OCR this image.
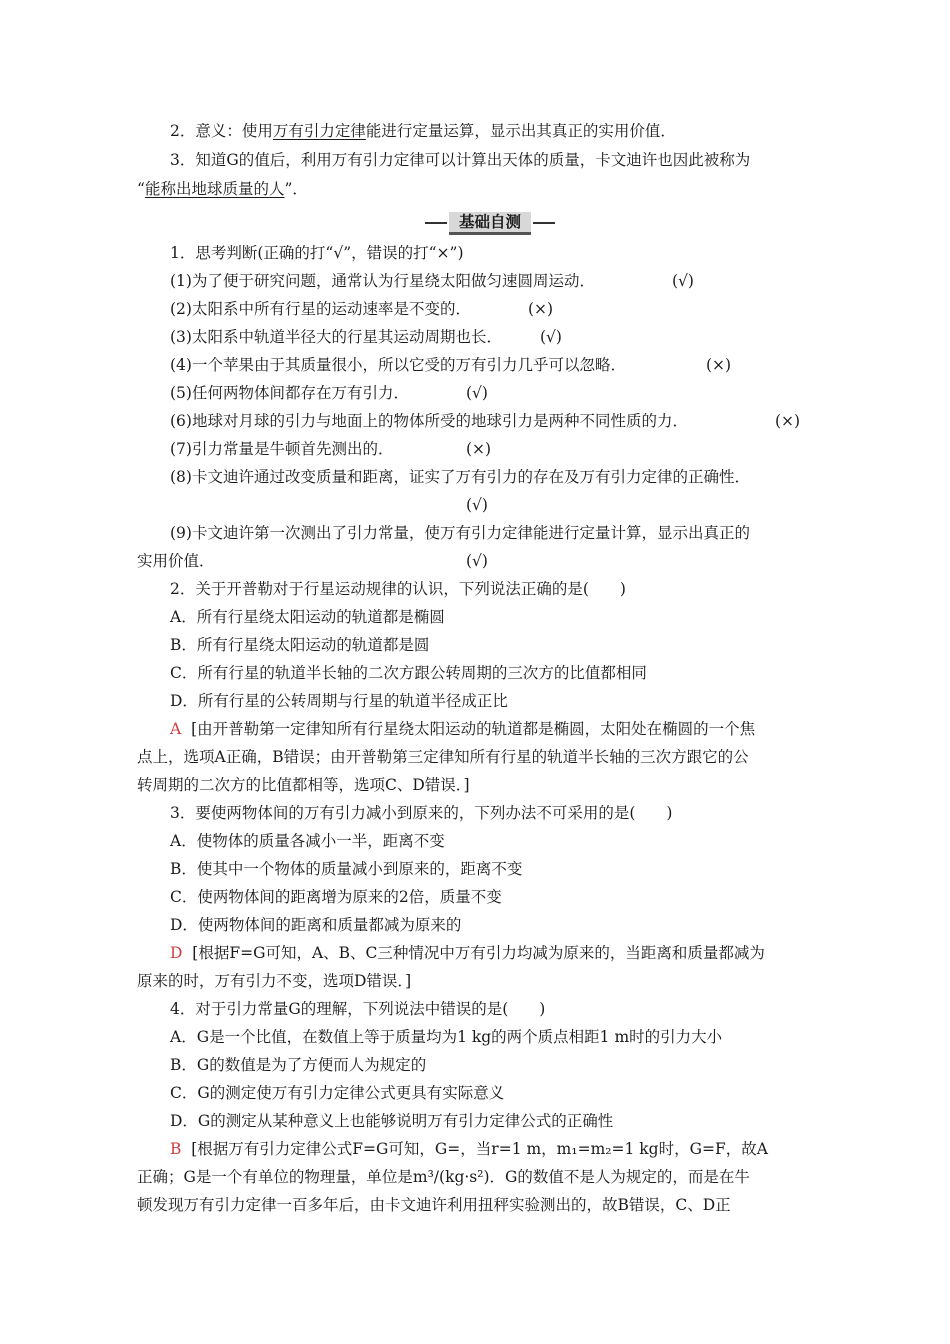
2．意义：使用万有引力定律能进行定量运算，显示出其真正的实用价值．
3．知道G的值后，利用万有引力定律可以计算出天体的质量，卡文迪许也因此被称为
“能称出地球质量的人”．
基础自测
1．思考判断(正确的打“√”，错误的打“×”)
(1)为了便于研究问题，通常认为行星绕太阳做匀速圆周运动．	(√)
(2)太阳系中所有行星的运动速率是不变的．	(×)
(3)太阳系中轨道半径大的行星其运动周期也长． (√)
(4)一个苹果由于其质量很小，所以它受的万有引力几乎可以忽略．	(×)
(5)任何两物体间都存在万有引力．	(√)
(6)地球对月球的引力与地面上的物体所受的地球引力是两种不同性质的力．	(×)
(7)引力常量是牛顿首先测出的．	(×)
(8)卡文迪许通过改变质量和距离，证实了万有引力的存在及万有引力定律的正确性．
(√)
(9)卡文迪许第一次测出了引力常量，使万有引力定律能进行定量计算，显示出真正的
实用价值．	(√)
2．关于开普勒对于行星运动规律的认识，下列说法正确的是(　　)
A．所有行星绕太阳运动的轨道都是椭圆
B．所有行星绕太阳运动的轨道都是圆
C．所有行星的轨道半长轴的二次方跟公转周期的三次方的比值都相同
D．所有行星的公转周期与行星的轨道半径成正比
A [由开普勒第一定律知所有行星绕太阳运动的轨道都是椭圆，太阳处在椭圆的一个焦
点上，选项A正确，B错误；由开普勒第三定律知所有行星的轨道半长轴的三次方跟它的公
转周期的二次方的比值都相等，选项C、D错误．]
3．要使两物体间的万有引力减小到原来的，下列办法不可采用的是(　　)
A．使物体的质量各减小一半，距离不变
B．使其中一个物体的质量减小到原来的，距离不变
C．使两物体间的距离增为原来的2倍，质量不变
D．使两物体间的距离和质量都减为原来的
D [根据F=G可知，A、B、C三种情况中万有引力均减为原来的，当距离和质量都减为
原来的时，万有引力不变，选项D错误．]
4．对于引力常量G的理解，下列说法中错误的是(　　)
A．G是一个比值，在数值上等于质量均为1 kg的两个质点相距1 m时的引力大小
B．G的数值是为了方便而人为规定的
C．G的测定使万有引力定律公式更具有实际意义
D．G的测定从某种意义上也能够说明万有引力定律公式的正确性
B [根据万有引力定律公式F=G可知，G=，当r=1 m，m₁=m₂=1 kg时，G=F，故A
正确；G是一个有单位的物理量，单位是m³/(kg·s²)．G的数值不是人为规定的，而是在牛
顿发现万有引力定律一百多年后，由卡文迪许利用扭秤实验测出的，故B错误，C、D正
